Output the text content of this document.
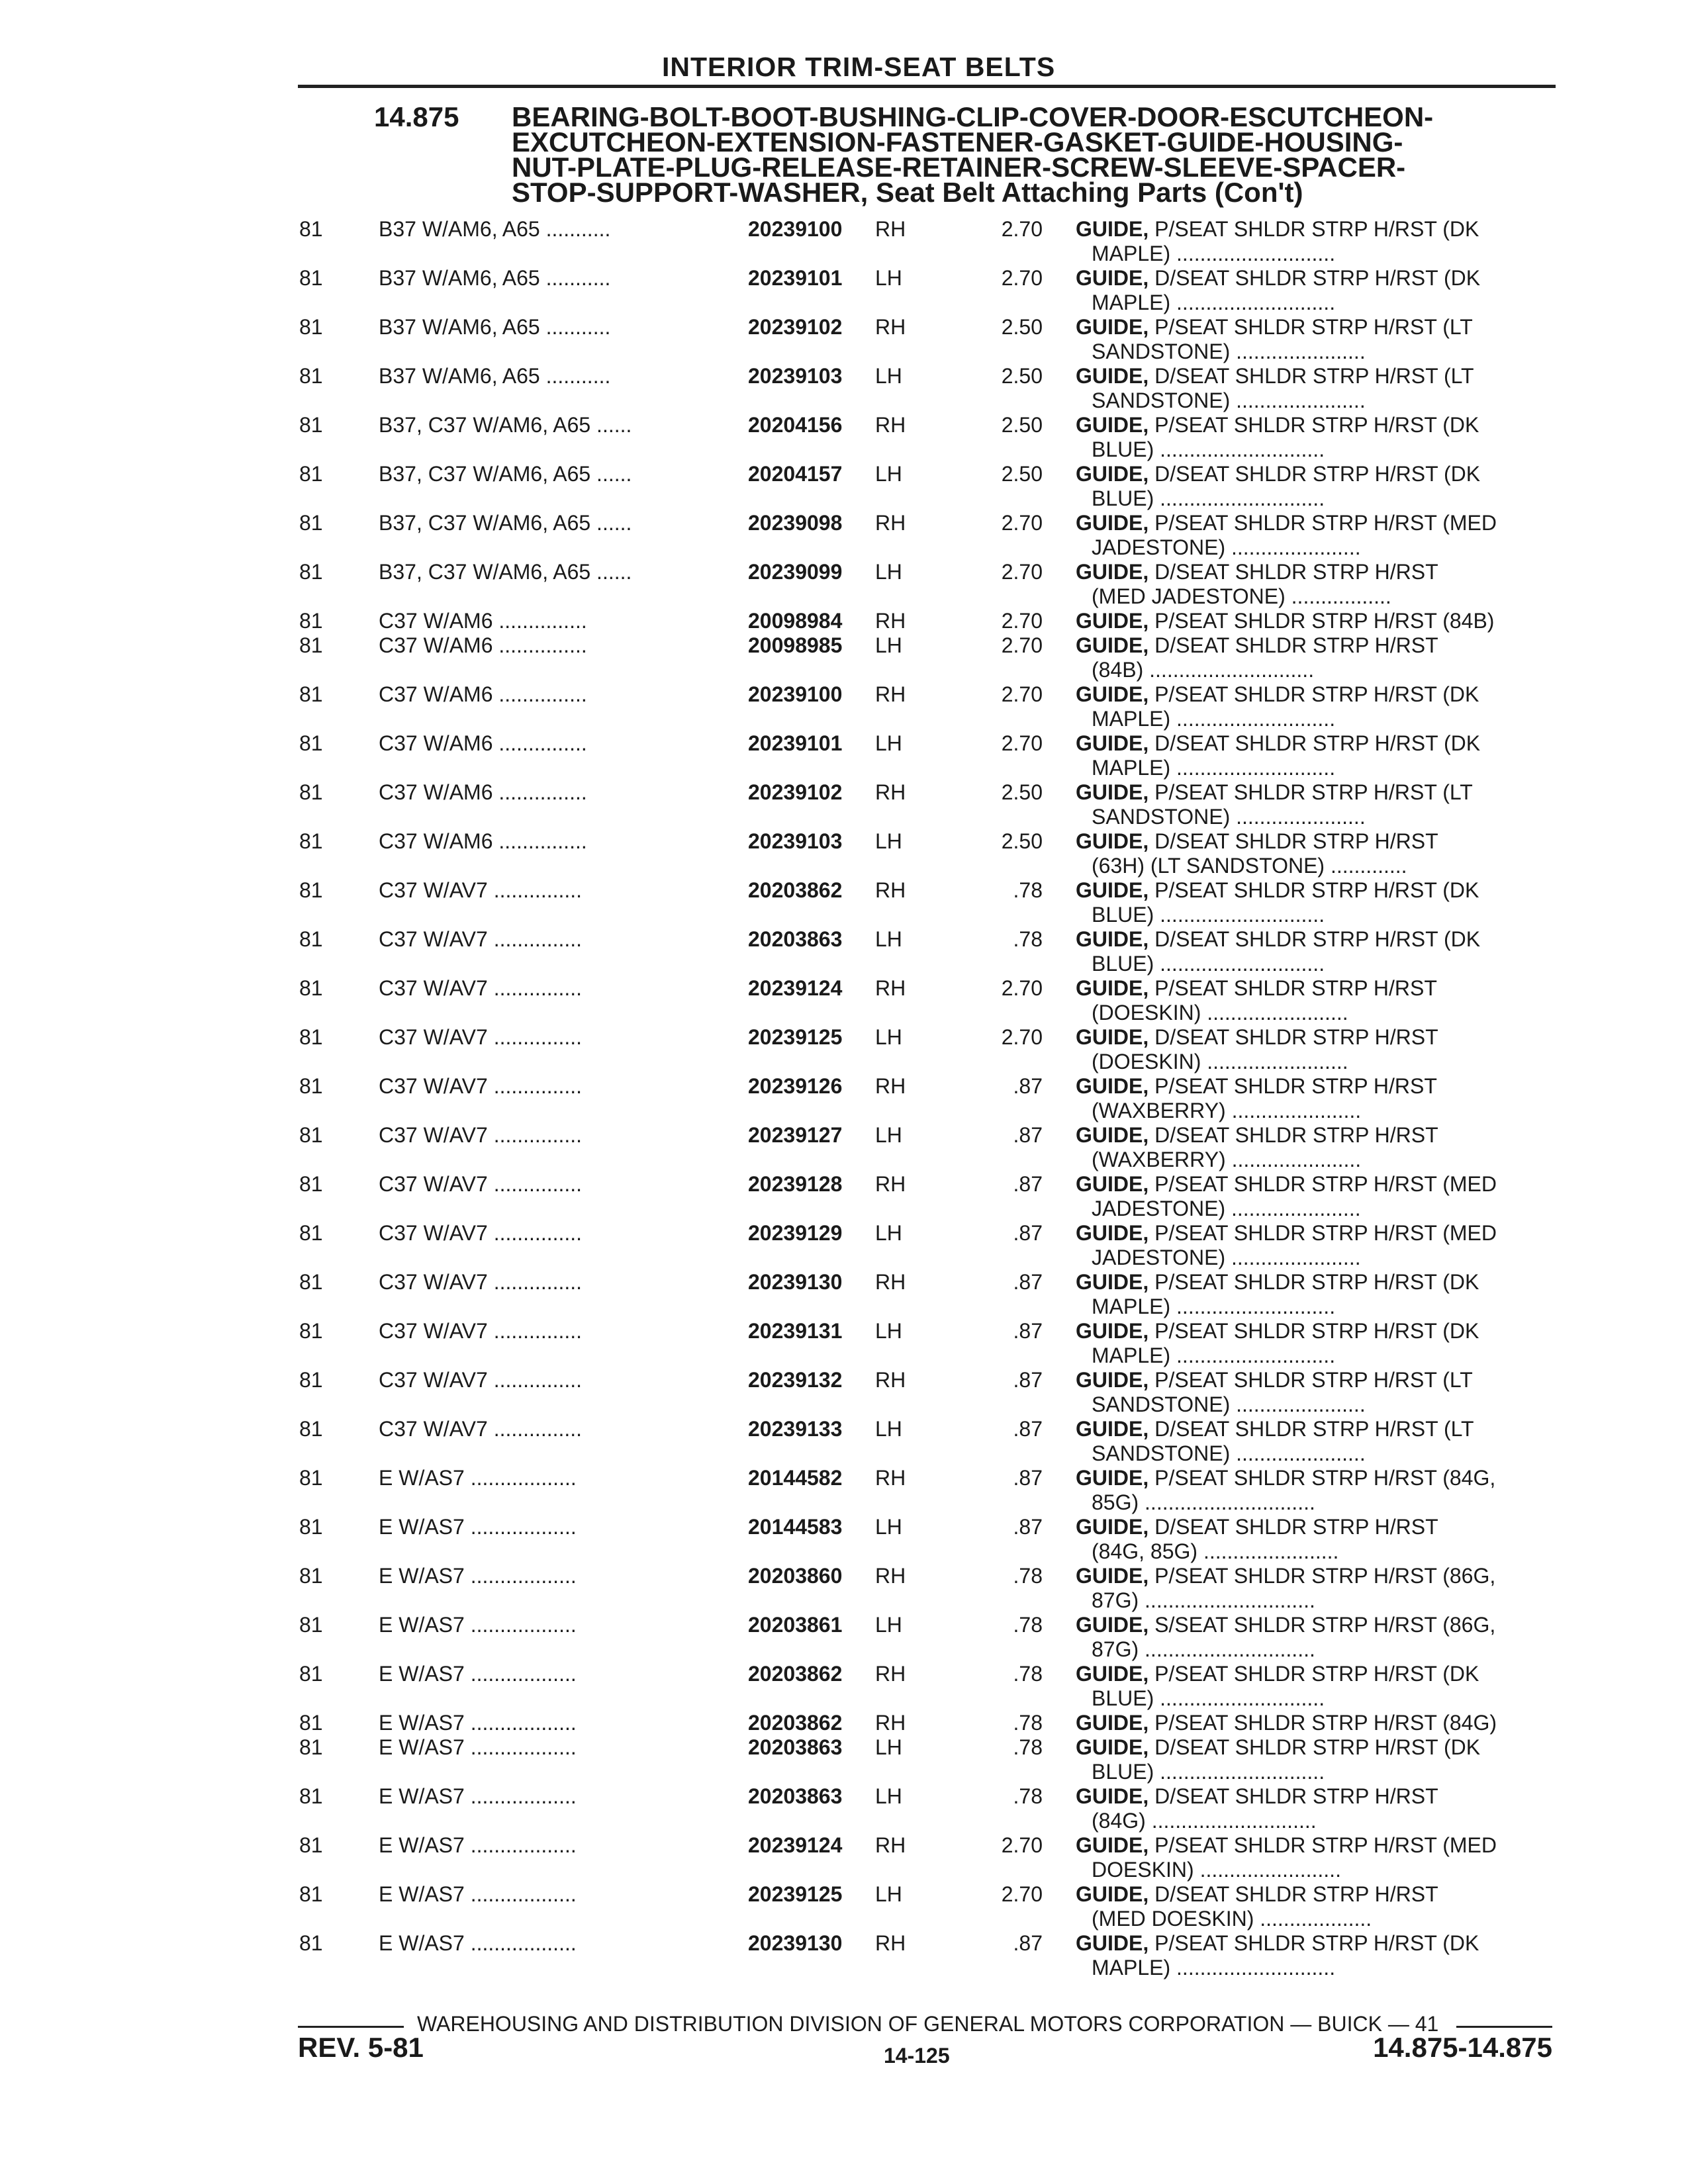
INTERIOR TRIM-SEAT BELTS
14.875 BEARING-BOLT-BOOT-BUSHING-CLIP-COVER-DOOR-ESCUTCHEON-
EXCUTCHEON-EXTENSION-FASTENER-GASKET-GUIDE-HOUSING-
NUT-PLATE-PLUG-RELEASE-RETAINER-SCREW-SLEEVE-SPACER-
STOP-SUPPORT-WASHER, Seat Belt Attaching Parts (Con't)
81	B37 W/AM6, A65 ...........	20239100 RH	2.70 GUIDE, P/SEAT SHLDR STRP H/RST (DK
MAPLE) ...........................
81	B37 W/AM6, A65 ...........	20239101 LH	2.70 GUIDE, D/SEAT SHLDR STRP H/RST (DK
MAPLE) ...........................
81	B37 W/AM6, A65 ...........	20239102 RH	2.50 GUIDE, P/SEAT SHLDR STRP H/RST (LT
SANDSTONE) ......................
81	B37 W/AM6, A65 ...........	20239103 LH	2.50 GUIDE, D/SEAT SHLDR STRP H/RST (LT
SANDSTONE) ......................
81	B37, C37 W/AM6, A65 ......	20204156 RH	2.50 GUIDE, P/SEAT SHLDR STRP H/RST (DK
BLUE) ............................
81	B37, C37 W/AM6, A65 ......	20204157 LH	2.50 GUIDE, D/SEAT SHLDR STRP H/RST (DK
BLUE) ............................
81	B37, C37 W/AM6, A65 ......	20239098 RH	2.70 GUIDE, P/SEAT SHLDR STRP H/RST (MED
JADESTONE) ......................
81	B37, C37 W/AM6, A65 ......	20239099 LH	2.70 GUIDE, D/SEAT SHLDR STRP H/RST
(MED JADESTONE) .................
81	C37 W/AM6 ...............	20098984 RH	2.70 GUIDE, P/SEAT SHLDR STRP H/RST (84B)
81	C37 W/AM6 ...............	20098985 LH	2.70 GUIDE, D/SEAT SHLDR STRP H/RST
(84B) ............................
81	C37 W/AM6 ...............	20239100 RH	2.70 GUIDE, P/SEAT SHLDR STRP H/RST (DK
MAPLE) ...........................
81	C37 W/AM6 ...............	20239101 LH	2.70 GUIDE, D/SEAT SHLDR STRP H/RST (DK
MAPLE) ...........................
81	C37 W/AM6 ...............	20239102 RH	2.50 GUIDE, P/SEAT SHLDR STRP H/RST (LT
SANDSTONE) ......................
81	C37 W/AM6 ...............	20239103 LH	2.50 GUIDE, D/SEAT SHLDR STRP H/RST
(63H) (LT SANDSTONE) .............
81	C37 W/AV7 ...............	20203862 RH	.78 GUIDE, P/SEAT SHLDR STRP H/RST (DK
BLUE) ............................
81	C37 W/AV7 ...............	20203863 LH	.78 GUIDE, D/SEAT SHLDR STRP H/RST (DK
BLUE) ............................
81	C37 W/AV7 ...............	20239124 RH	2.70 GUIDE, P/SEAT SHLDR STRP H/RST
(DOESKIN) ........................
81	C37 W/AV7 ...............	20239125 LH	2.70 GUIDE, D/SEAT SHLDR STRP H/RST
(DOESKIN) ........................
81	C37 W/AV7 ...............	20239126 RH	.87 GUIDE, P/SEAT SHLDR STRP H/RST
(WAXBERRY) ......................
81	C37 W/AV7 ...............	20239127 LH	.87 GUIDE, D/SEAT SHLDR STRP H/RST
(WAXBERRY) ......................
81	C37 W/AV7 ...............	20239128 RH	.87 GUIDE, P/SEAT SHLDR STRP H/RST (MED
JADESTONE) ......................
81	C37 W/AV7 ...............	20239129 LH	.87 GUIDE, P/SEAT SHLDR STRP H/RST (MED
JADESTONE) ......................
81	C37 W/AV7 ...............	20239130 RH	.87 GUIDE, P/SEAT SHLDR STRP H/RST (DK
MAPLE) ...........................
81	C37 W/AV7 ...............	20239131 LH	.87 GUIDE, P/SEAT SHLDR STRP H/RST (DK
MAPLE) ...........................
81	C37 W/AV7 ...............	20239132 RH	.87 GUIDE, P/SEAT SHLDR STRP H/RST (LT
SANDSTONE) ......................
81	C37 W/AV7 ...............	20239133 LH	.87 GUIDE, D/SEAT SHLDR STRP H/RST (LT
SANDSTONE) ......................
81	E W/AS7 ..................	20144582 RH	.87 GUIDE, P/SEAT SHLDR STRP H/RST (84G,
85G) .............................
81	E W/AS7 ..................	20144583 LH	.87 GUIDE, D/SEAT SHLDR STRP H/RST
(84G, 85G) .......................
81	E W/AS7 ..................	20203860 RH	.78 GUIDE, P/SEAT SHLDR STRP H/RST (86G,
87G) .............................
81	E W/AS7 ..................	20203861 LH	.78 GUIDE, S/SEAT SHLDR STRP H/RST (86G,
87G) .............................
81	E W/AS7 ..................	20203862 RH	.78 GUIDE, P/SEAT SHLDR STRP H/RST (DK
BLUE) ............................
81	E W/AS7 ..................	20203862 RH	.78 GUIDE, P/SEAT SHLDR STRP H/RST (84G)
81	E W/AS7 ..................	20203863 LH	.78 GUIDE, D/SEAT SHLDR STRP H/RST (DK
BLUE) ............................
81	E W/AS7 ..................	20203863 LH	.78 GUIDE, D/SEAT SHLDR STRP H/RST
(84G) ............................
81	E W/AS7 ..................	20239124 RH	2.70 GUIDE, P/SEAT SHLDR STRP H/RST (MED
DOESKIN) ........................
81	E W/AS7 ..................	20239125 LH	2.70 GUIDE, D/SEAT SHLDR STRP H/RST
(MED DOESKIN) ...................
81	E W/AS7 ..................	20239130 RH	.87 GUIDE, P/SEAT SHLDR STRP H/RST (DK
MAPLE) ...........................
WAREHOUSING AND DISTRIBUTION DIVISION OF GENERAL MOTORS CORPORATION — BUICK — 41
REV. 5-81	14-125	14.875-14.875
